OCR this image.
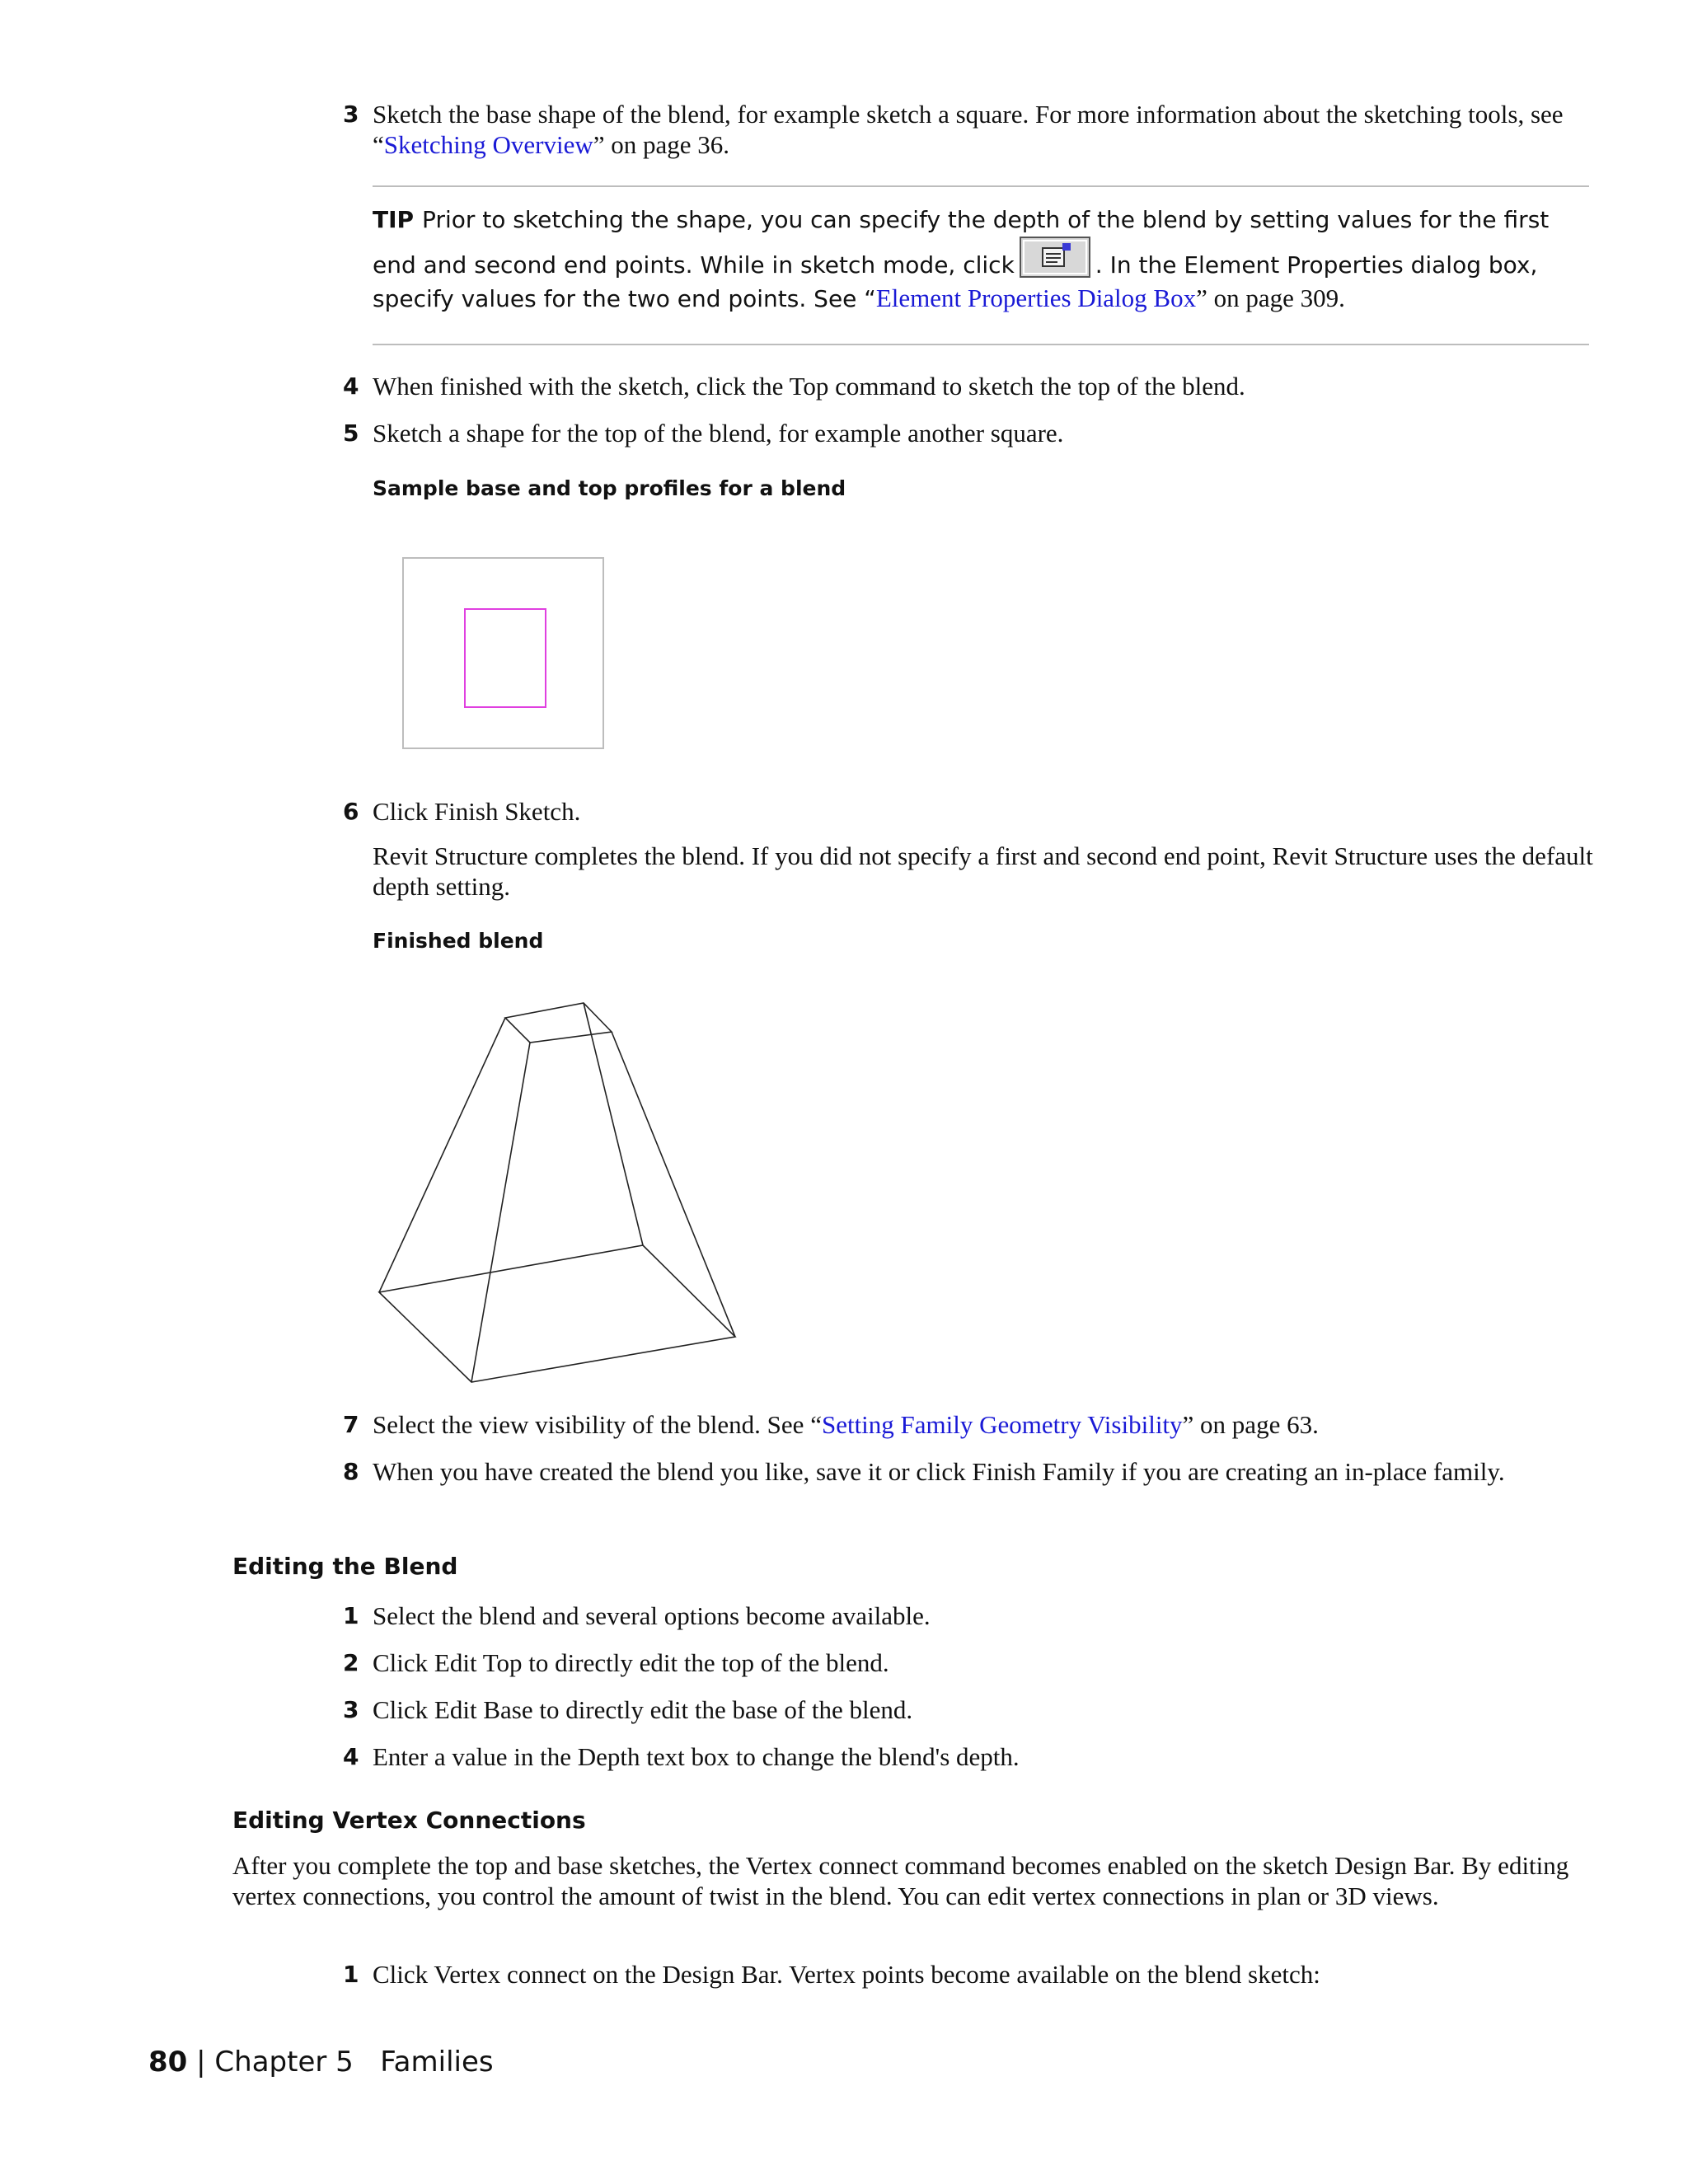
3 Sketch the base shape of the blend, for example sketch a square. For more information about the sketching tools, see “Sketching Overview” on page 36.
TIP Prior to sketching the shape, you can specify the depth of the blend by setting values for the first end and second end points. While in sketch mode, click	. In the Element Properties dialog box, specify values for the two end points. See “Element Properties Dialog Box” on page 309.
4 When finished with the sketch, click the Top command to sketch the top of the blend.
5 Sketch a shape for the top of the blend, for example another square.
Sample base and top profiles for a blend
6 Click Finish Sketch.
Revit Structure completes the blend. If you did not specify a first and second end point, Revit Structure uses the default depth setting.
Finished blend
7 Select the view visibility of the blend. See “Setting Family Geometry Visibility” on page 63.
8 When you have created the blend you like, save it or click Finish Family if you are creating an in-place family.
Editing the Blend
1 Select the blend and several options become available.
2 Click Edit Top to directly edit the top of the blend.
3 Click Edit Base to directly edit the base of the blend.
4 Enter a value in the Depth text box to change the blend's depth.
Editing Vertex Connections
After you complete the top and base sketches, the Vertex connect command becomes enabled on the sketch Design Bar. By editing vertex connections, you control the amount of twist in the blend. You can edit vertex connections in plan or 3D views.
1 Click Vertex connect on the Design Bar. Vertex points become available on the blend sketch:
80 | Chapter 5 Families
